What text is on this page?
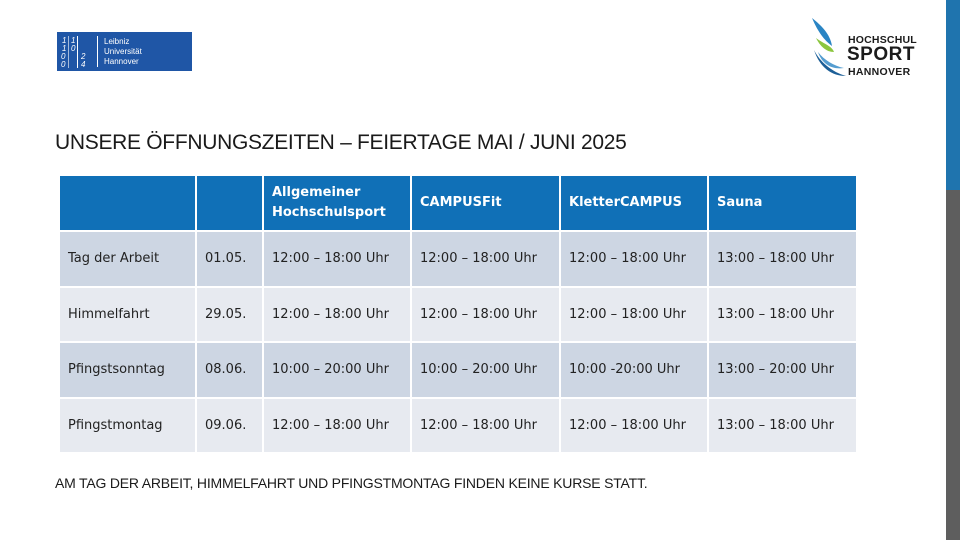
1
1
0
0
1
0
2
4
Leibniz
Universität
Hannover
HOCHSCHUL
SPORT
HANNOVER
UNSERE ÖFFNUNGSZEITEN – FEIERTAGE MAI / JUNI 2025

		Allgemeiner Hochschulsport	CAMPUSFit	KletterCAMPUS	Sauna
Tag der Arbeit	01.05.	12:00 – 18:00 Uhr	12:00 – 18:00 Uhr	12:00 – 18:00 Uhr	13:00 – 18:00 Uhr
Himmelfahrt	29.05.	12:00 – 18:00 Uhr	12:00 – 18:00 Uhr	12:00 – 18:00 Uhr	13:00 – 18:00 Uhr
Pfingstsonntag	08.06.	10:00 – 20:00 Uhr	10:00 – 20:00 Uhr	10:00 -20:00 Uhr	13:00 – 20:00 Uhr
Pfingstmontag	09.06.	12:00 – 18:00 Uhr	12:00 – 18:00 Uhr	12:00 – 18:00 Uhr	13:00 – 18:00 Uhr
AM TAG DER ARBEIT, HIMMELFAHRT UND PFINGSTMONTAG FINDEN KEINE KURSE STATT.
